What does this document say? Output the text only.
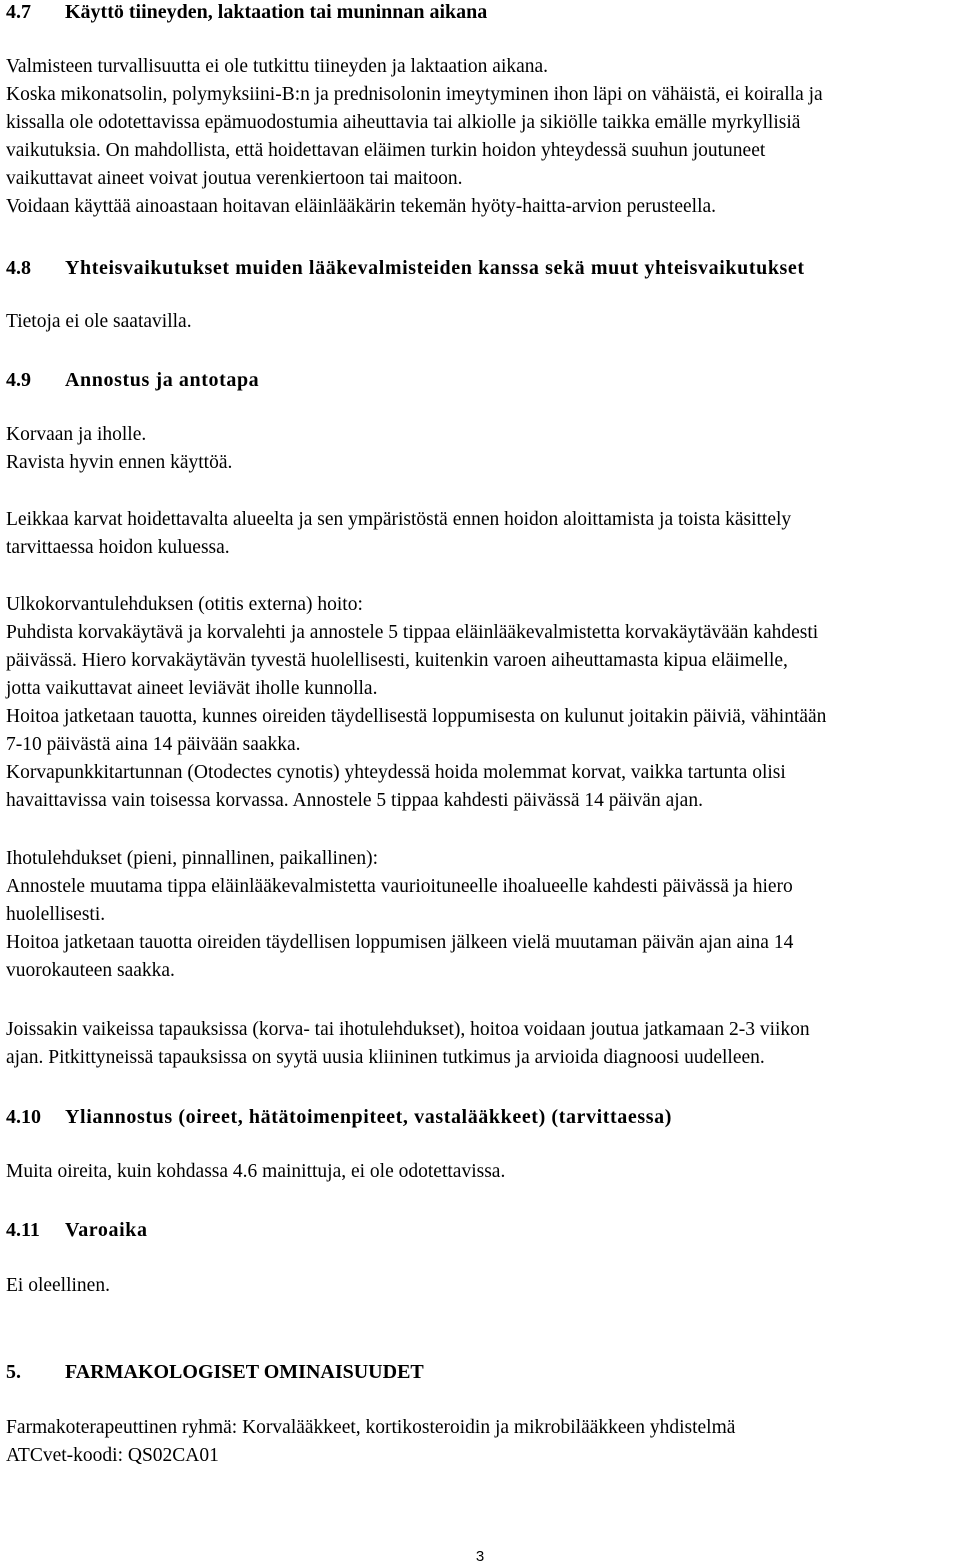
4.7 Käyttö tiineyden, laktaation tai muninnan aikana
Valmisteen turvallisuutta ei ole tutkittu tiineyden ja laktaation aikana.
Koska mikonatsolin, polymyksiini-B:n ja prednisolonin imeytyminen ihon läpi on vähäistä, ei koiralla ja
kissalla ole odotettavissa epämuodostumia aiheuttavia tai alkiolle ja sikiölle taikka emälle myrkyllisiä
vaikutuksia. On mahdollista, että hoidettavan eläimen turkin hoidon yhteydessä suuhun joutuneet
vaikuttavat aineet voivat joutua verenkiertoon tai maitoon.
Voidaan käyttää ainoastaan hoitavan eläinlääkärin tekemän hyöty-haitta-arvion perusteella.
4.8 Yhteisvaikutukset muiden lääkevalmisteiden kanssa sekä muut yhteisvaikutukset
Tietoja ei ole saatavilla.
4.9 Annostus ja antotapa
Korvaan ja iholle.
Ravista hyvin ennen käyttöä.
Leikkaa karvat hoidettavalta alueelta ja sen ympäristöstä ennen hoidon aloittamista ja toista käsittely
tarvittaessa hoidon kuluessa.
Ulkokorvantulehduksen (otitis externa) hoito:
Puhdista korvakäytävä ja korvalehti ja annostele 5 tippaa eläinlääkevalmistetta korvakäytävään kahdesti
päivässä. Hiero korvakäytävän tyvestä huolellisesti, kuitenkin varoen aiheuttamasta kipua eläimelle,
jotta vaikuttavat aineet leviävät iholle kunnolla.
Hoitoa jatketaan tauotta, kunnes oireiden täydellisestä loppumisesta on kulunut joitakin päiviä, vähintään
7-10 päivästä aina 14 päivään saakka.
Korvapunkkitartunnan (Otodectes cynotis) yhteydessä hoida molemmat korvat, vaikka tartunta olisi
havaittavissa vain toisessa korvassa. Annostele 5 tippaa kahdesti päivässä 14 päivän ajan.
Ihotulehdukset (pieni, pinnallinen, paikallinen):
Annostele muutama tippa eläinlääkevalmistetta vaurioituneelle ihoalueelle kahdesti päivässä ja hiero
huolellisesti.
Hoitoa jatketaan tauotta oireiden täydellisen loppumisen jälkeen vielä muutaman päivän ajan aina 14
vuorokauteen saakka.
Joissakin vaikeissa tapauksissa (korva- tai ihotulehdukset), hoitoa voidaan joutua jatkamaan 2-3 viikon
ajan. Pitkittyneissä tapauksissa on syytä uusia kliininen tutkimus ja arvioida diagnoosi uudelleen.
4.10 Yliannostus (oireet, hätätoimenpiteet, vastalääkkeet) (tarvittaessa)
Muita oireita, kuin kohdassa 4.6 mainittuja, ei ole odotettavissa.
4.11 Varoaika
Ei oleellinen.
5. FARMAKOLOGISET OMINAISUUDET
Farmakoterapeuttinen ryhmä: Korvalääkkeet, kortikosteroidin ja mikrobilääkkeen yhdistelmä
ATCvet-koodi: QS02CA01
3
